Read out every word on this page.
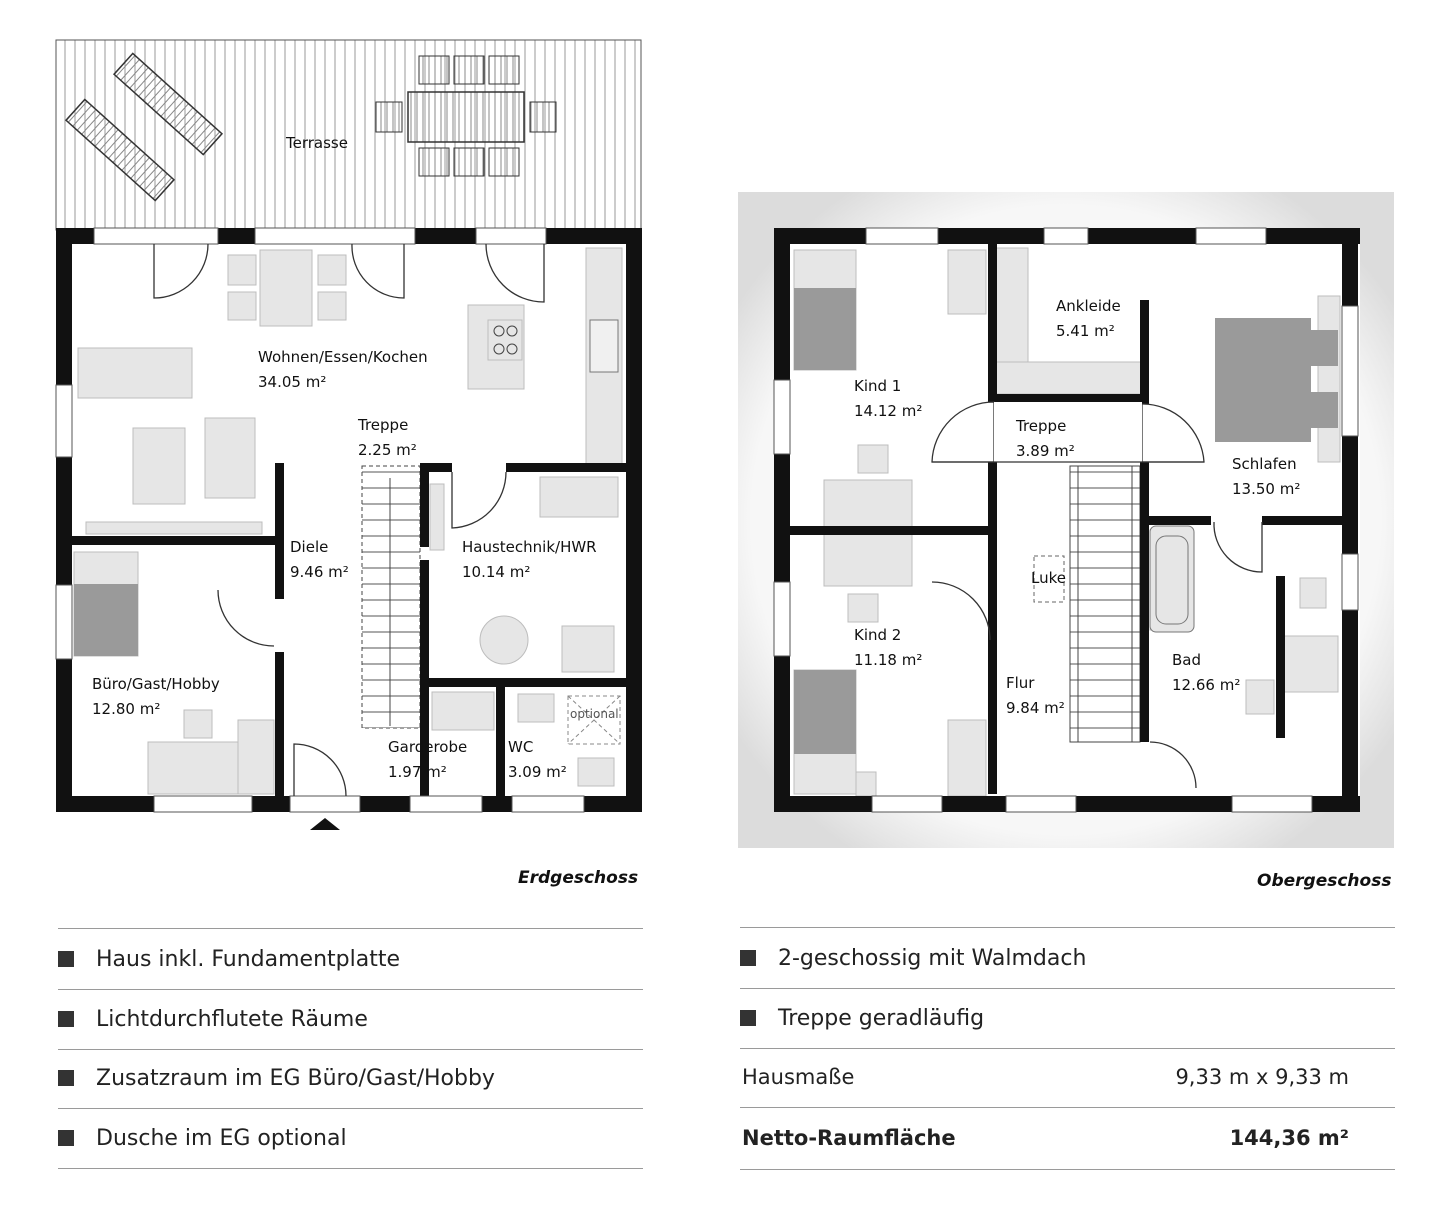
Terrasse
Wohnen/Essen/Kochen
34.05 m²
Treppe
2.25 m²
Diele
9.46 m²
Haustechnik/HWR
10.14 m²
Büro/Gast/Hobby
12.80 m²
Garderobe
1.97 m²
WC
3.09 m²
optional
Ankleide
5.41 m²
Kind 1
14.12 m²
Treppe
3.89 m²
Schlafen
13.50 m²
Luke
Kind 2
11.18 m²	Bad
12.66 m²
Flur
9.84 m²
Erdgeschoss	Obergeschoss
Haus inkl. Fundamentplatte
Lichtdurchflutete Räume
Zusatzraum im EG Büro/Gast/Hobby
Dusche im EG optional
2-geschossig mit Walmdach
Treppe geradläufig
Hausmaße	9,33 m x 9,33 m
Netto-Raumfläche	144,36 m²
